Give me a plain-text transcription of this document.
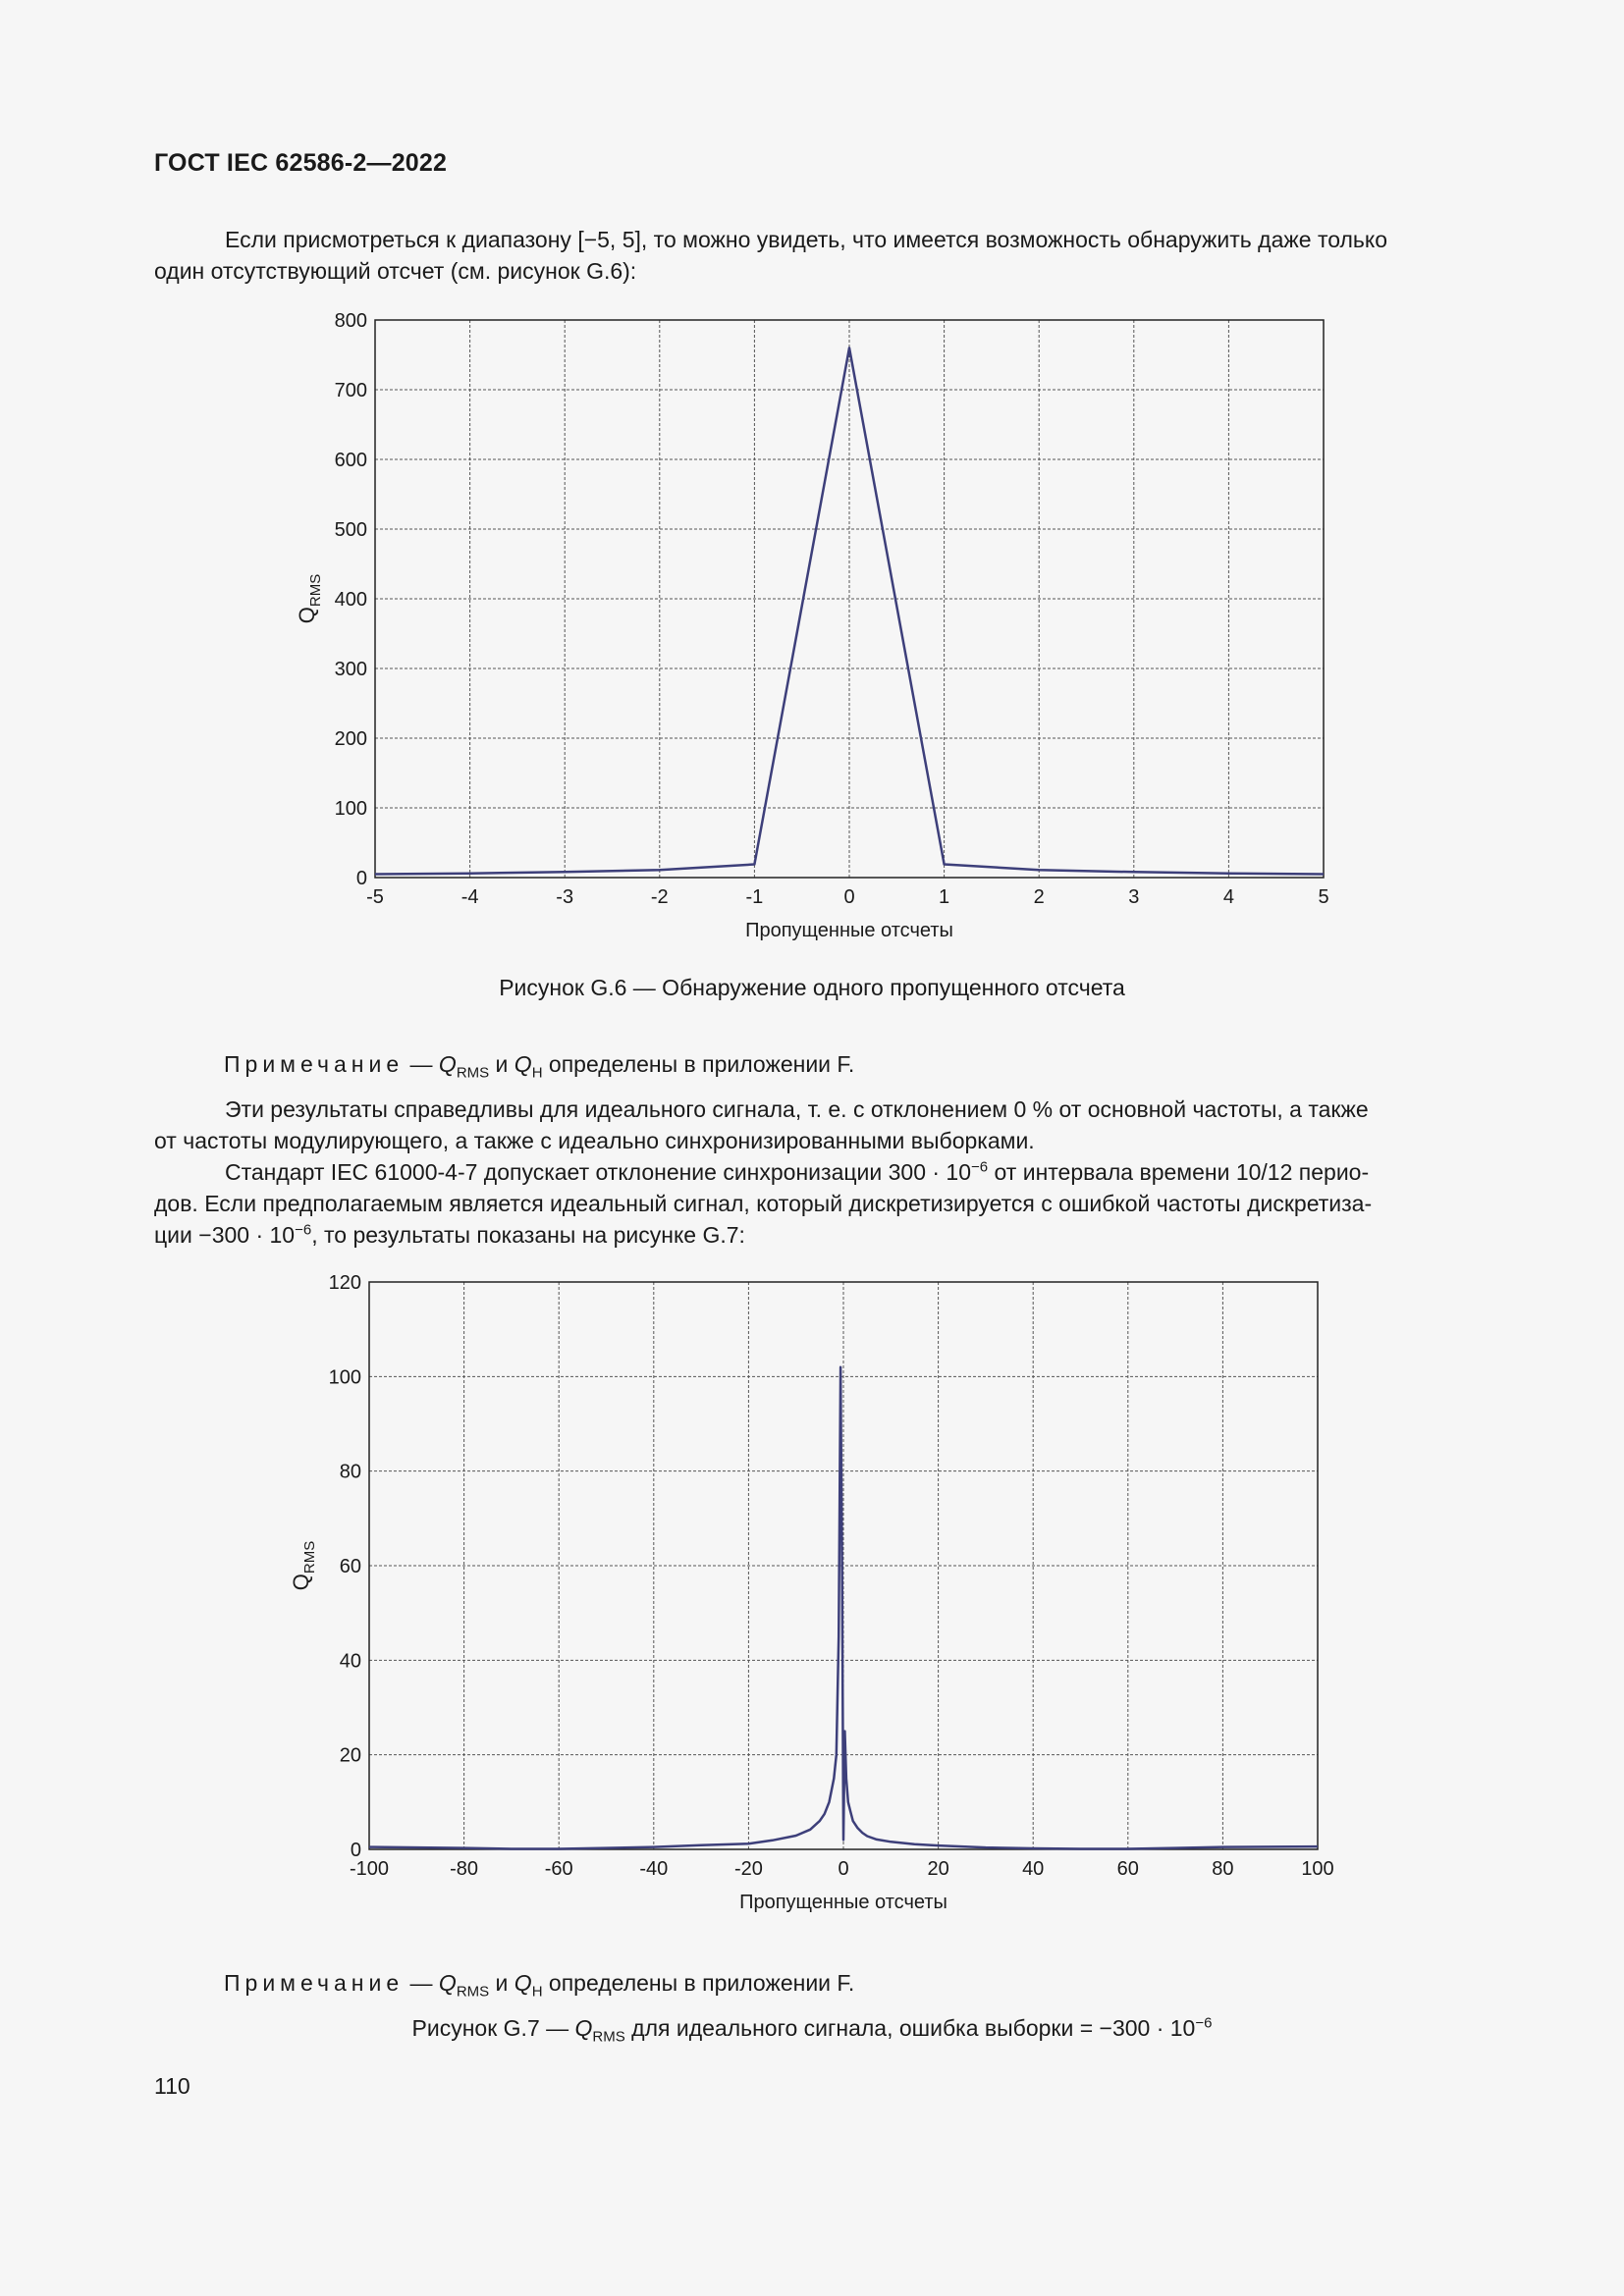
ГОСТ IEC 62586-2—2022

Если присмотреться к диапазону [−5, 5], то можно увидеть, что имеется возможность обнаружить даже только

один отсутствующий отсчет (см. рисунок G.6):

-5	-4	-3	-2	-1	0	1	2	3	4	5
0
100
200
300
400
500
600
700
800
Пропущенные отсчеты
$Q_{RMS}$
Рисунок G.6 — Обнаружение одного пропущенного отсчета
Примечание — $Q_{RMS}$ и $Q_H$ определены в приложении F.

Эти результаты справедливы для идеального сигнала, т. е. с отклонением 0 % от основной частоты, а также

от частоты модулирующего, а также с идеально синхронизированными выборками.

Стандарт IEC 61000-4-7 допускает отклонение синхронизации $300 \cdot 10^{-6}$ от интервала времени 10/12 перио-

дов. Если предполагаемым является идеальный сигнал, который дискретизируется с ошибкой частоты дискретиза-

ции $-300 \cdot 10^{-6}$, то результаты показаны на рисунке G.7:

-100	-80	-60	-40	-20	0	20	40	60	80	100
0
20
40
60
80
100
120
Пропущенные отсчеты
$Q_{RMS}$
Примечание — $Q_{RMS}$ и $Q_H$ определены в приложении F.
Рисунок G.7 — $Q_{RMS}$ для идеального сигнала, ошибка выборки = $-300 \cdot 10^{-6}$
110
